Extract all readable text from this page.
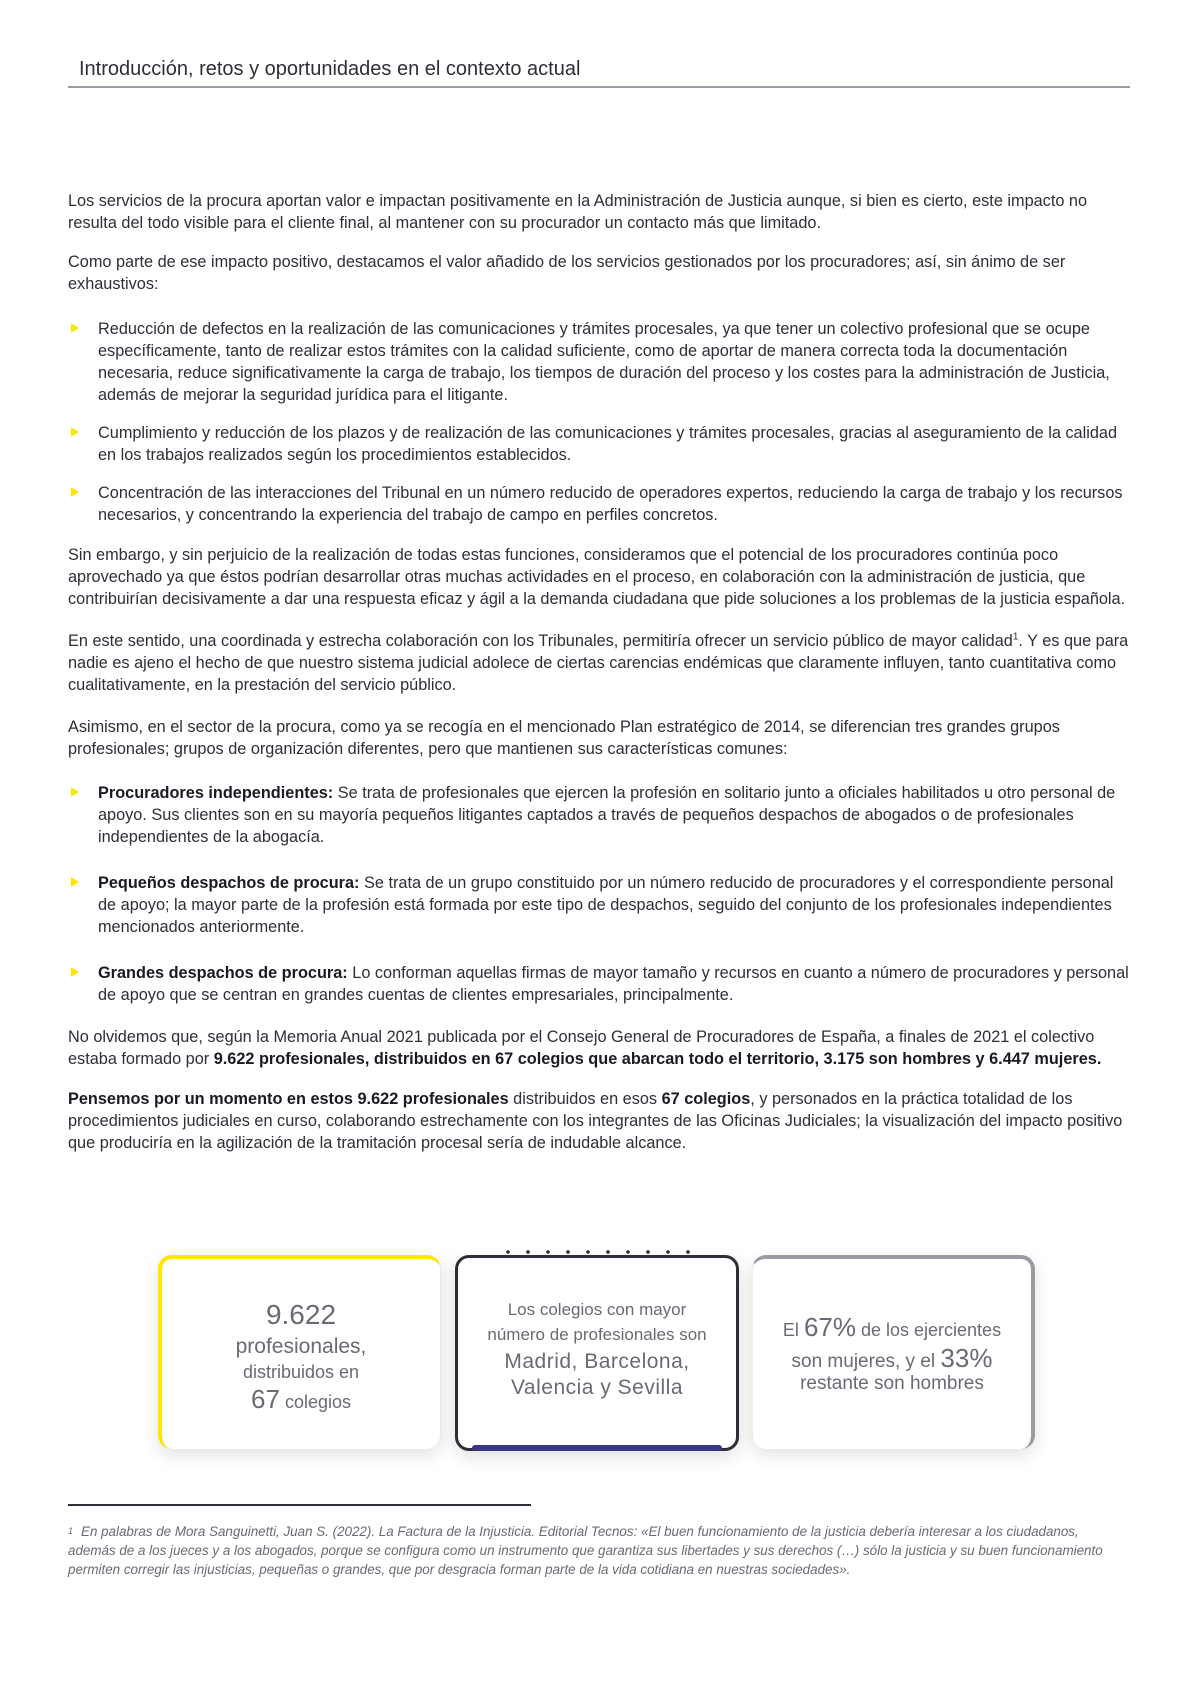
Introducción, retos y oportunidades en el contexto actual

Los servicios de la procura aportan valor e impactan positivamente en la Administración de Justicia aunque, si bien es cierto, este impacto no resulta del todo visible para el cliente final, al mantener con su procurador un contacto más que limitado.

Como parte de ese impacto positivo, destacamos el valor añadido de los servicios gestionados por los procuradores; así, sin ánimo de ser exhaustivos:

Reducción de defectos en la realización de las comunicaciones y trámites procesales, ya que tener un colectivo profesional que se ocupe específicamente, tanto de realizar estos trámites con la calidad suficiente, como de aportar de manera correcta toda la documentación necesaria, reduce significativamente la carga de trabajo, los tiempos de duración del proceso y los costes para la administración de Justicia, además de mejorar la seguridad jurídica para el litigante.
Cumplimiento y reducción de los plazos y de realización de las comunicaciones y trámites procesales, gracias al aseguramiento de la calidad en los trabajos realizados según los procedimientos establecidos.
Concentración de las interacciones del Tribunal en un número reducido de operadores expertos, reduciendo la carga de trabajo y los recursos necesarios, y concentrando la experiencia del trabajo de campo en perfiles concretos.

Sin embargo, y sin perjuicio de la realización de todas estas funciones, consideramos que el potencial de los procuradores continúa poco aprovechado ya que éstos podrían desarrollar otras muchas actividades en el proceso, en colaboración con la administración de justicia, que contribuirían decisivamente a dar una respuesta eficaz y ágil a la demanda ciudadana que pide soluciones a los problemas de la justicia española.

En este sentido, una coordinada y estrecha colaboración con los Tribunales, permitiría ofrecer un servicio público de mayor calidad$^1$. Y es que para nadie es ajeno el hecho de que nuestro sistema judicial adolece de ciertas carencias endémicas que claramente influyen, tanto cuantitativa como cualitativamente, en la prestación del servicio público.

Asimismo, en el sector de la procura, como ya se recogía en el mencionado Plan estratégico de 2014, se diferencian tres grandes grupos profesionales; grupos de organización diferentes, pero que mantienen sus características comunes:

Procuradores independientes: Se trata de profesionales que ejercen la profesión en solitario junto a oficiales habilitados u otro personal de apoyo. Sus clientes son en su mayoría pequeños litigantes captados a través de pequeños despachos de abogados o de profesionales independientes de la abogacía.
Pequeños despachos de procura: Se trata de un grupo constituido por un número reducido de procuradores y el correspondiente personal de apoyo; la mayor parte de la profesión está formada por este tipo de despachos, seguido del conjunto de los profesionales independientes mencionados anteriormente.
Grandes despachos de procura: Lo conforman aquellas firmas de mayor tamaño y recursos en cuanto a número de procuradores y personal de apoyo que se centran en grandes cuentas de clientes empresariales, principalmente.

No olvidemos que, según la Memoria Anual 2021 publicada por el Consejo General de Procuradores de España, a finales de 2021 el colectivo estaba formado por 9.622 profesionales, distribuidos en 67 colegios que abarcan todo el territorio, 3.175 son hombres y 6.447 mujeres.

Pensemos por un momento en estos 9.622 profesionales distribuidos en esos 67 colegios, y personados en la práctica totalidad de los procedimientos judiciales en curso, colaborando estrechamente con los integrantes de las Oficinas Judiciales; la visualización del impacto positivo que produciría en la agilización de la tramitación procesal sería de indudable alcance.

9.622
profesionales,
distribuidos en
67 colegios
Los colegios con mayor
número de profesionales son
Madrid, Barcelona,
Valencia y Sevilla
El 67% de los ejercientes
son mujeres, y el 33%
restante son hombres
$^1$ En palabras de Mora Sanguinetti, Juan S. (2022). La Factura de la Injusticia. Editorial Tecnos: «El buen funcionamiento de la justicia debería interesar a los ciudadanos, además de a los jueces y a los abogados, porque se configura como un instrumento que garantiza sus libertades y sus derechos (…) sólo la justicia y su buen funcionamiento permiten corregir las injusticias, pequeñas o grandes, que por desgracia forman parte de la vida cotidiana en nuestras sociedades».
